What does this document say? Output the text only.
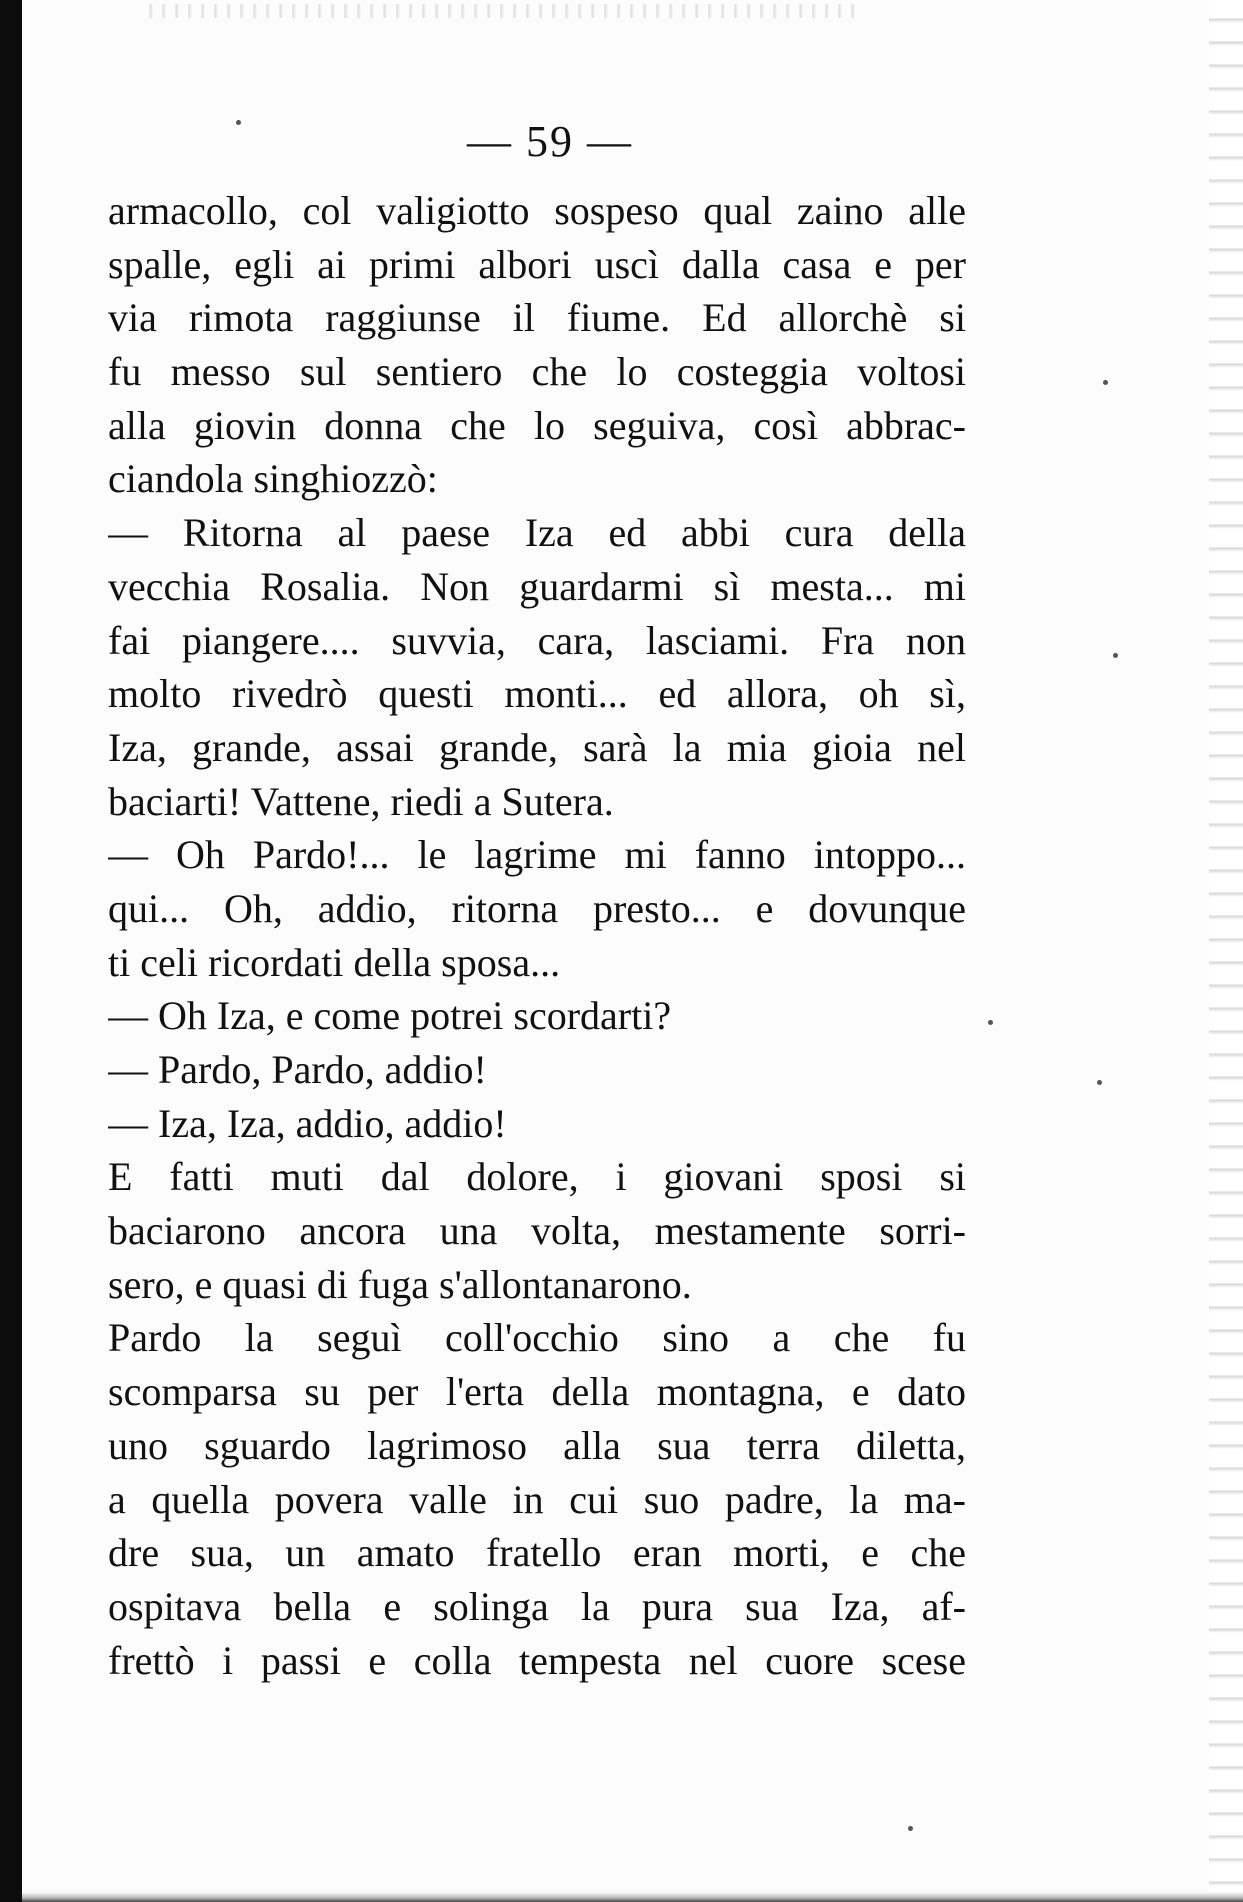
— 59 —
armacollo, col valigiotto sospeso qual zaino alle
spalle, egli ai primi albori uscì dalla casa e per
via rimota raggiunse il fiume. Ed allorchè si
fu messo sul sentiero che lo costeggia voltosi
alla giovin donna che lo seguiva, così abbrac-
ciandola singhiozzò:
— Ritorna al paese Iza ed abbi cura della
vecchia Rosalia. Non guardarmi sì mesta... mi
fai piangere.... suvvia, cara, lasciami. Fra non
molto rivedrò questi monti... ed allora, oh sì,
Iza, grande, assai grande, sarà la mia gioia nel
baciarti! Vattene, riedi a Sutera.
— Oh Pardo!... le lagrime mi fanno intoppo...
qui... Oh, addio, ritorna presto... e dovunque
ti celi ricordati della sposa...
— Oh Iza, e come potrei scordarti?
— Pardo, Pardo, addio!
— Iza, Iza, addio, addio!
E fatti muti dal dolore, i giovani sposi si
baciarono ancora una volta, mestamente sorri-
sero, e quasi di fuga s'allontanarono.
Pardo la seguì coll'occhio sino a che fu
scomparsa su per l'erta della montagna, e dato
uno sguardo lagrimoso alla sua terra diletta,
a quella povera valle in cui suo padre, la ma-
dre sua, un amato fratello eran morti, e che
ospitava bella e solinga la pura sua Iza, af-
frettò i passi e colla tempesta nel cuore scese
